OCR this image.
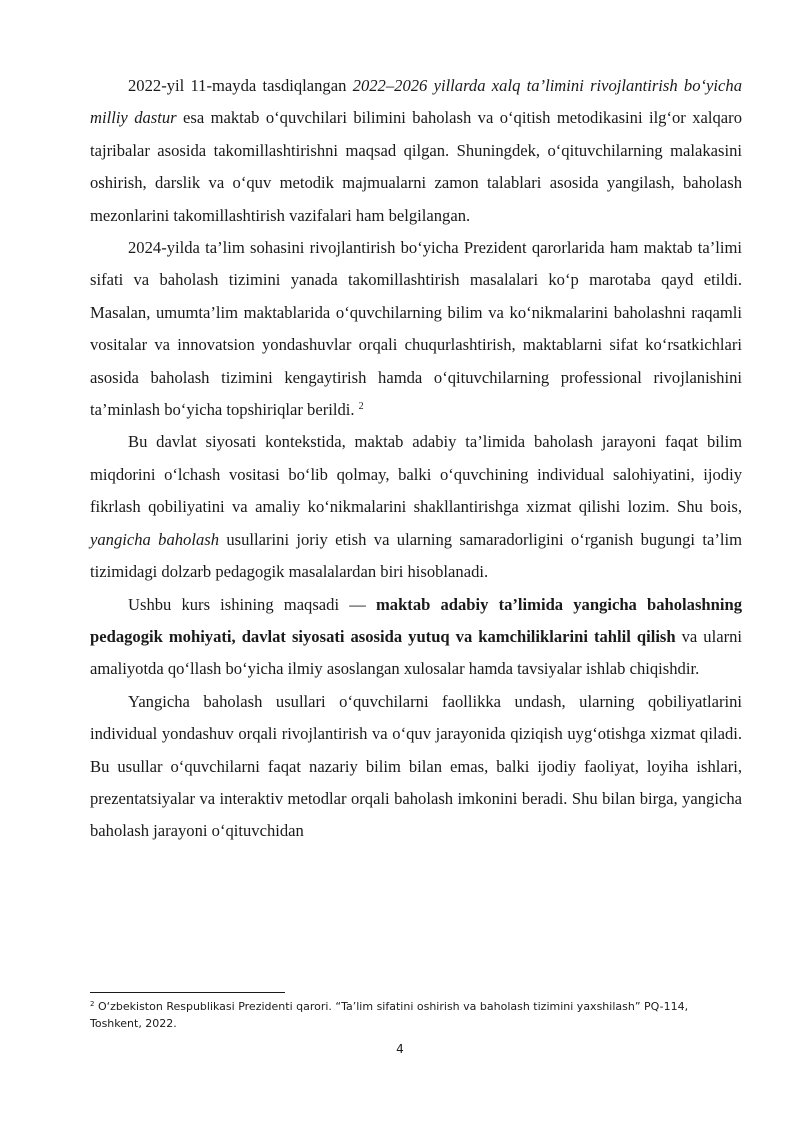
2022-yil 11-mayda tasdiqlangan 2022–2026 yillarda xalq ta’limini rivojlantirish bo‘yicha milliy dastur esa maktab o‘quvchilari bilimini baholash va o‘qitish metodikasini ilg‘or xalqaro tajribalar asosida takomillashtirishni maqsad qilgan. Shuningdek, o‘qituvchilarning malakasini oshirish, darslik va o‘quv metodik majmualarni zamon talablari asosida yangilash, baholash mezonlarini takomillashtirish vazifalari ham belgilangan.

2024-yilda ta’lim sohasini rivojlantirish bo‘yicha Prezident qarorlarida ham maktab ta’limi sifati va baholash tizimini yanada takomillashtirish masalalari ko‘p marotaba qayd etildi. Masalan, umumta’lim maktablarida o‘quvchilarning bilim va ko‘nikmalarini baholashni raqamli vositalar va innovatsion yondashuvlar orqali chuqurlashtirish, maktablarni sifat ko‘rsatkichlari asosida baholash tizimini kengaytirish hamda o‘qituvchilarning professional rivojlanishini ta’minlash bo‘yicha topshiriqlar berildi. $^2$

Bu davlat siyosati kontekstida, maktab adabiy ta’limida baholash jarayoni faqat bilim miqdorini o‘lchash vositasi bo‘lib qolmay, balki o‘quvchining individual salohiyatini, ijodiy fikrlash qobiliyatini va amaliy ko‘nikmalarini shakllantirishga xizmat qilishi lozim. Shu bois, yangicha baholash usullarini joriy etish va ularning samaradorligini o‘rganish bugungi ta’lim tizimidagi dolzarb pedagogik masalalardan biri hisoblanadi.

Ushbu kurs ishining maqsadi — maktab adabiy ta’limida yangicha baholashning pedagogik mohiyati, davlat siyosati asosida yutuq va kamchiliklarini tahlil qilish va ularni amaliyotda qo‘llash bo‘yicha ilmiy asoslangan xulosalar hamda tavsiyalar ishlab chiqishdir.

Yangicha baholash usullari o‘quvchilarni faollikka undash, ularning qobiliyatlarini individual yondashuv orqali rivojlantirish va o‘quv jarayonida qiziqish uyg‘otishga xizmat qiladi. Bu usullar o‘quvchilarni faqat nazariy bilim bilan emas, balki ijodiy faoliyat, loyiha ishlari, prezentatsiyalar va interaktiv metodlar orqali baholash imkonini beradi. Shu bilan birga, yangicha baholash jarayoni o‘qituvchidan

$^2$ O‘zbekiston Respublikasi Prezidenti qarori. “Ta’lim sifatini oshirish va baholash tizimini yaxshilash” PQ-114, Toshkent, 2022.
4
